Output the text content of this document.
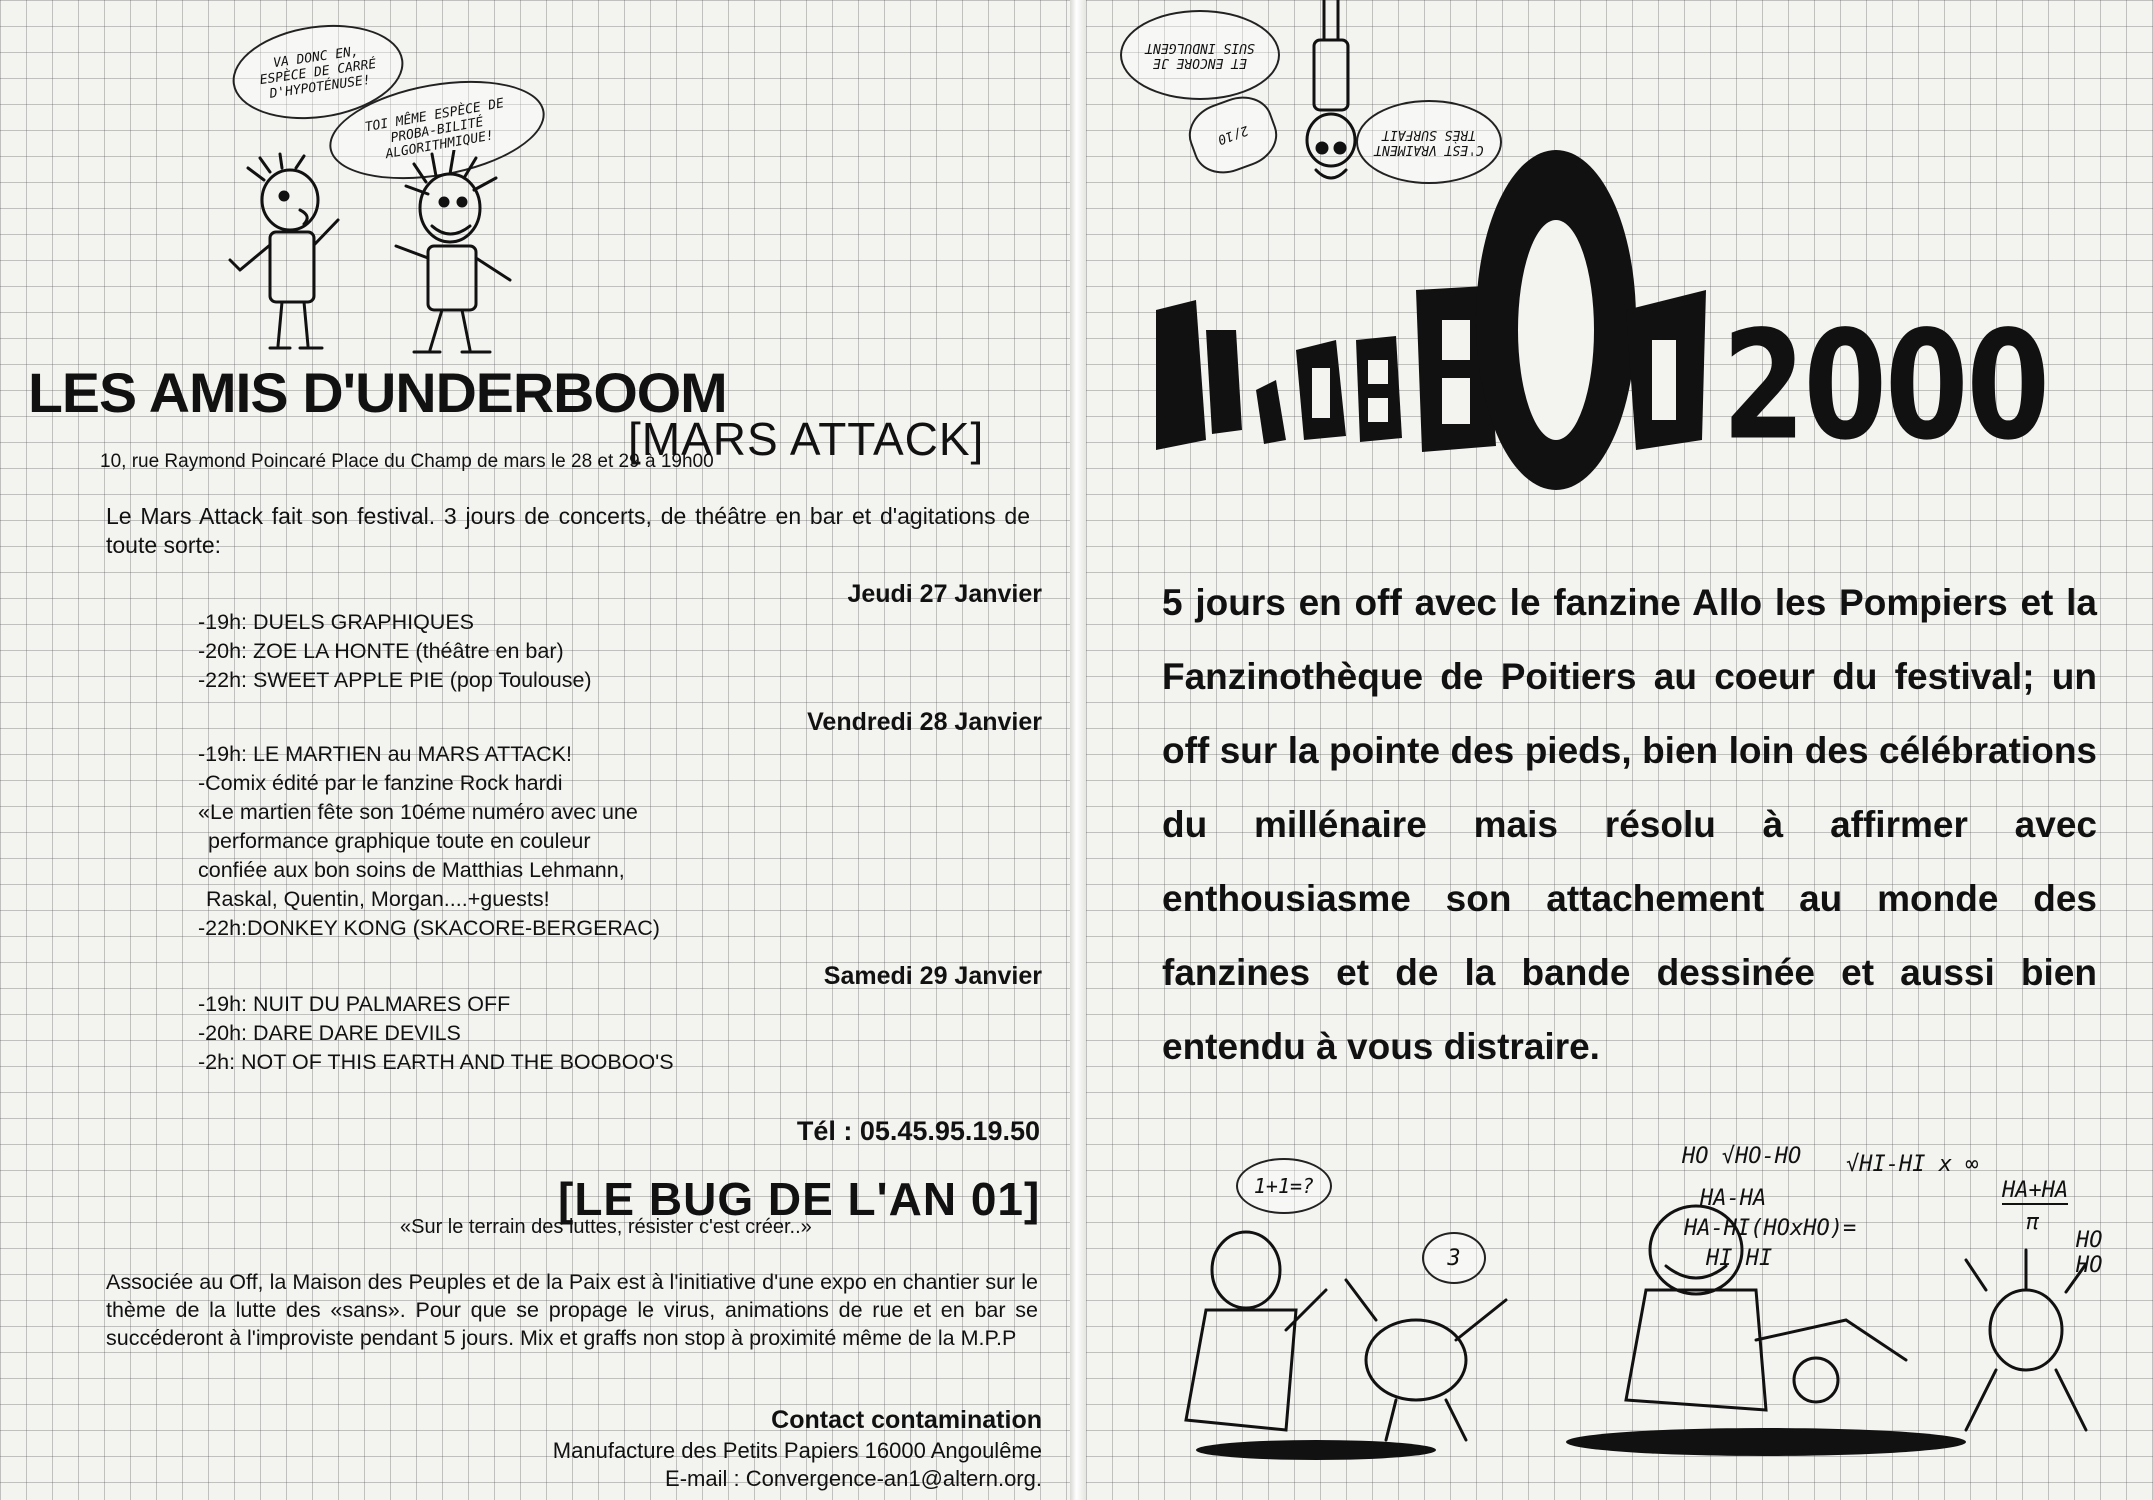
VA DONC EN, ESPÈCE DE CARRÉ D'HYPOTÉNUSE!
TOI MÊME ESPÈCE DE PROBA-BILITÉ ALGORITHMIQUE!
LES AMIS D'UNDERBOOM
[MARS ATTACK]
10, rue Raymond Poincaré Place du Champ de mars le 28 et 29 à 19h00
Le Mars Attack fait son festival. 3 jours de concerts, de théâtre en bar et d'agitations de toute sorte:
Jeudi 27 Janvier
-19h: DUELS GRAPHIQUES
-20h: ZOE LA HONTE (théâtre en bar)
-22h: SWEET APPLE PIE (pop Toulouse)
Vendredi 28 Janvier
-19h: LE MARTIEN au MARS ATTACK!
-Comix édité par le fanzine Rock hardi
«Le martien fête son 10éme numéro avec une
performance graphique toute en couleur
confiée aux bon soins de Matthias Lehmann,
Raskal, Quentin, Morgan....+guests!
-22h:DONKEY KONG (SKACORE-BERGERAC)
Samedi 29 Janvier
-19h: NUIT DU PALMARES OFF
-20h: DARE DARE DEVILS
-2h: NOT OF THIS EARTH AND THE BOOBOO'S
Tél : 05.45.95.19.50
[LE BUG DE L'AN 01]
«Sur le terrain des luttes, résister c'est créer..»
Associée au Off, la Maison des Peuples et de la Paix est à l'initiative d'une expo en chantier sur le thème de la lutte des «sans». Pour que se propage le virus, animations de rue et en bar se succéderont à l'improviste pendant 5 jours. Mix et graffs non stop à proximité même de la M.P.P
Contact contamination
Manufacture des Petits Papiers 16000 Angoulême
E-mail : Convergence-an1@altern.org.
ET ENCORE JE SUIS INDULGENT
C'EST VRAIMENT TRÈS SURFAIT
2/10
2000
5 jours en off avec le fanzine Allo les Pompiers et la Fanzinothèque de Poitiers au coeur du festival; un off sur la pointe des pieds, bien loin des célébrations du millénaire mais résolu à affirmer avec enthousiasme son attachement au monde des fanzines et de la bande dessinée et aussi bien entendu à vous distraire.
1+1=?
3
HO √HO-HO √HI-HI x ∞
HA-HA
HA-HI(HOxHO)=
HA+HA
π
HI HI
HO HO
